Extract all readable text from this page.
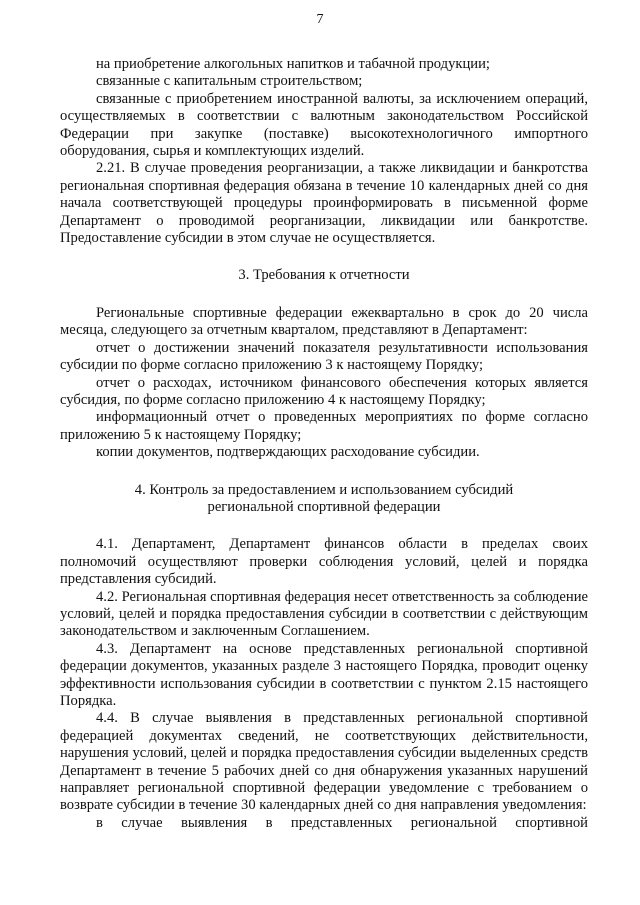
7

на приобретение алкогольных напитков и табачной продукции;

связанные с капитальным строительством;

связанные с приобретением иностранной валюты, за исключением операций, осуществляемых в соответствии с валютным законодательством Российской Федерации при закупке (поставке) высокотехнологичного импортного оборудования, сырья и комплектующих изделий.

2.21. В случае проведения реорганизации, а также ликвидации и банкротства региональная спортивная федерация обязана в течение 10 календарных дней со дня начала соответствующей процедуры проинформировать в письменной форме Департамент о проводимой реорганизации, ликвидации или банкротстве. Предоставление субсидии в этом случае не осуществляется.

3. Требования к отчетности

Региональные спортивные федерации ежеквартально в срок до 20 числа месяца, следующего за отчетным кварталом, представляют в Департамент:

отчет о достижении значений показателя результативности использования субсидии по форме согласно приложению 3 к настоящему Порядку;

отчет о расходах, источником финансового обеспечения которых является субсидия, по форме согласно приложению 4 к настоящему Порядку;

информационный отчет о проведенных мероприятиях по форме согласно приложению 5 к настоящему Порядку;

копии документов, подтверждающих расходование субсидии.

4. Контроль за предоставлением и использованием субсидий

региональной спортивной федерации

4.1. Департамент, Департамент финансов области в пределах своих полномочий осуществляют проверки соблюдения условий, целей и порядка представления субсидий.

4.2. Региональная спортивная федерация несет ответственность за соблюдение условий, целей и порядка предоставления субсидии в соответствии с действующим законодательством и заключенным Соглашением.

4.3. Департамент на основе представленных региональной спортивной федерации документов, указанных разделе 3 настоящего Порядка, проводит оценку эффективности использования субсидии в соответствии с пунктом 2.15 настоящего Порядка.

4.4. В случае выявления в представленных региональной спортивной федерацией документах сведений, не соответствующих действительности, нарушения условий, целей и порядка предоставления субсидии выделенных средств Департамент в течение 5 рабочих дней со дня обнаружения указанных нарушений направляет региональной спортивной федерации уведомление с требованием о возврате субсидии в течение 30 календарных дней со дня направления уведомления:

в случае выявления в представленных региональной спортивной
